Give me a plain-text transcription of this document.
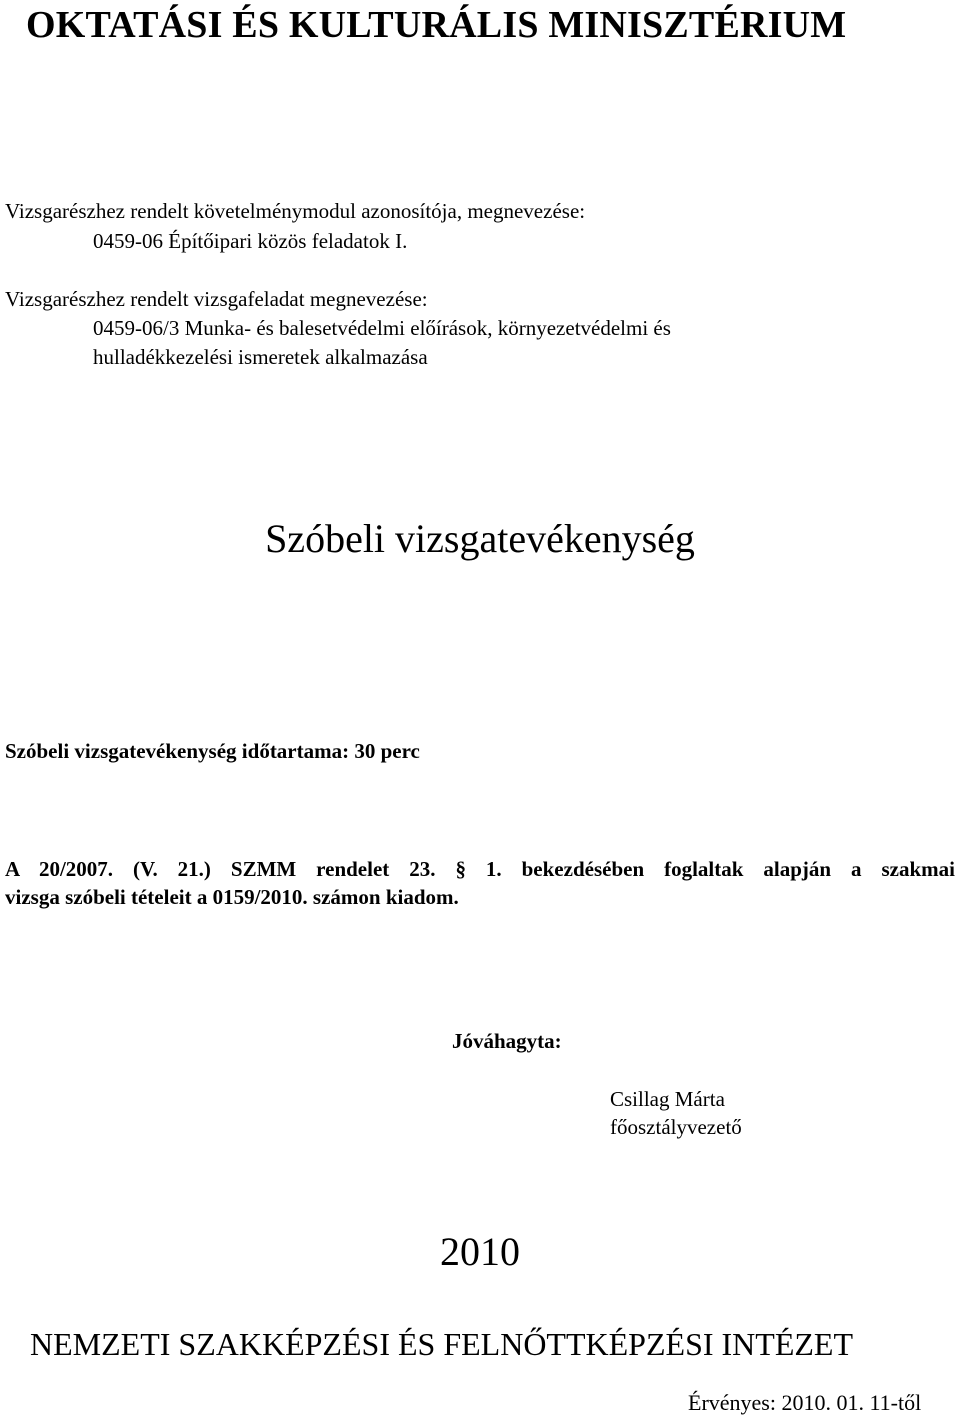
OKTATÁSI ÉS KULTURÁLIS MINISZTÉRIUM
Vizsgarészhez rendelt követelménymodul azonosítója, megnevezése:
0459-06 Építőipari közös feladatok I.
Vizsgarészhez rendelt vizsgafeladat megnevezése:
0459-06/3 Munka- és balesetvédelmi előírások, környezetvédelmi és
hulladékkezelési ismeretek alkalmazása
Szóbeli vizsgatevékenység
Szóbeli vizsgatevékenység időtartama: 30 perc
A 20/2007. (V. 21.) SZMM rendelet 23. § 1. bekezdésében foglaltak alapján a szakmai
vizsga szóbeli tételeit a 0159/2010. számon kiadom.
Jóváhagyta:
Csillag Márta
főosztályvezető
2010
NEMZETI SZAKKÉPZÉSI ÉS FELNŐTTKÉPZÉSI INTÉZET
Érvényes: 2010. 01. 11-től
